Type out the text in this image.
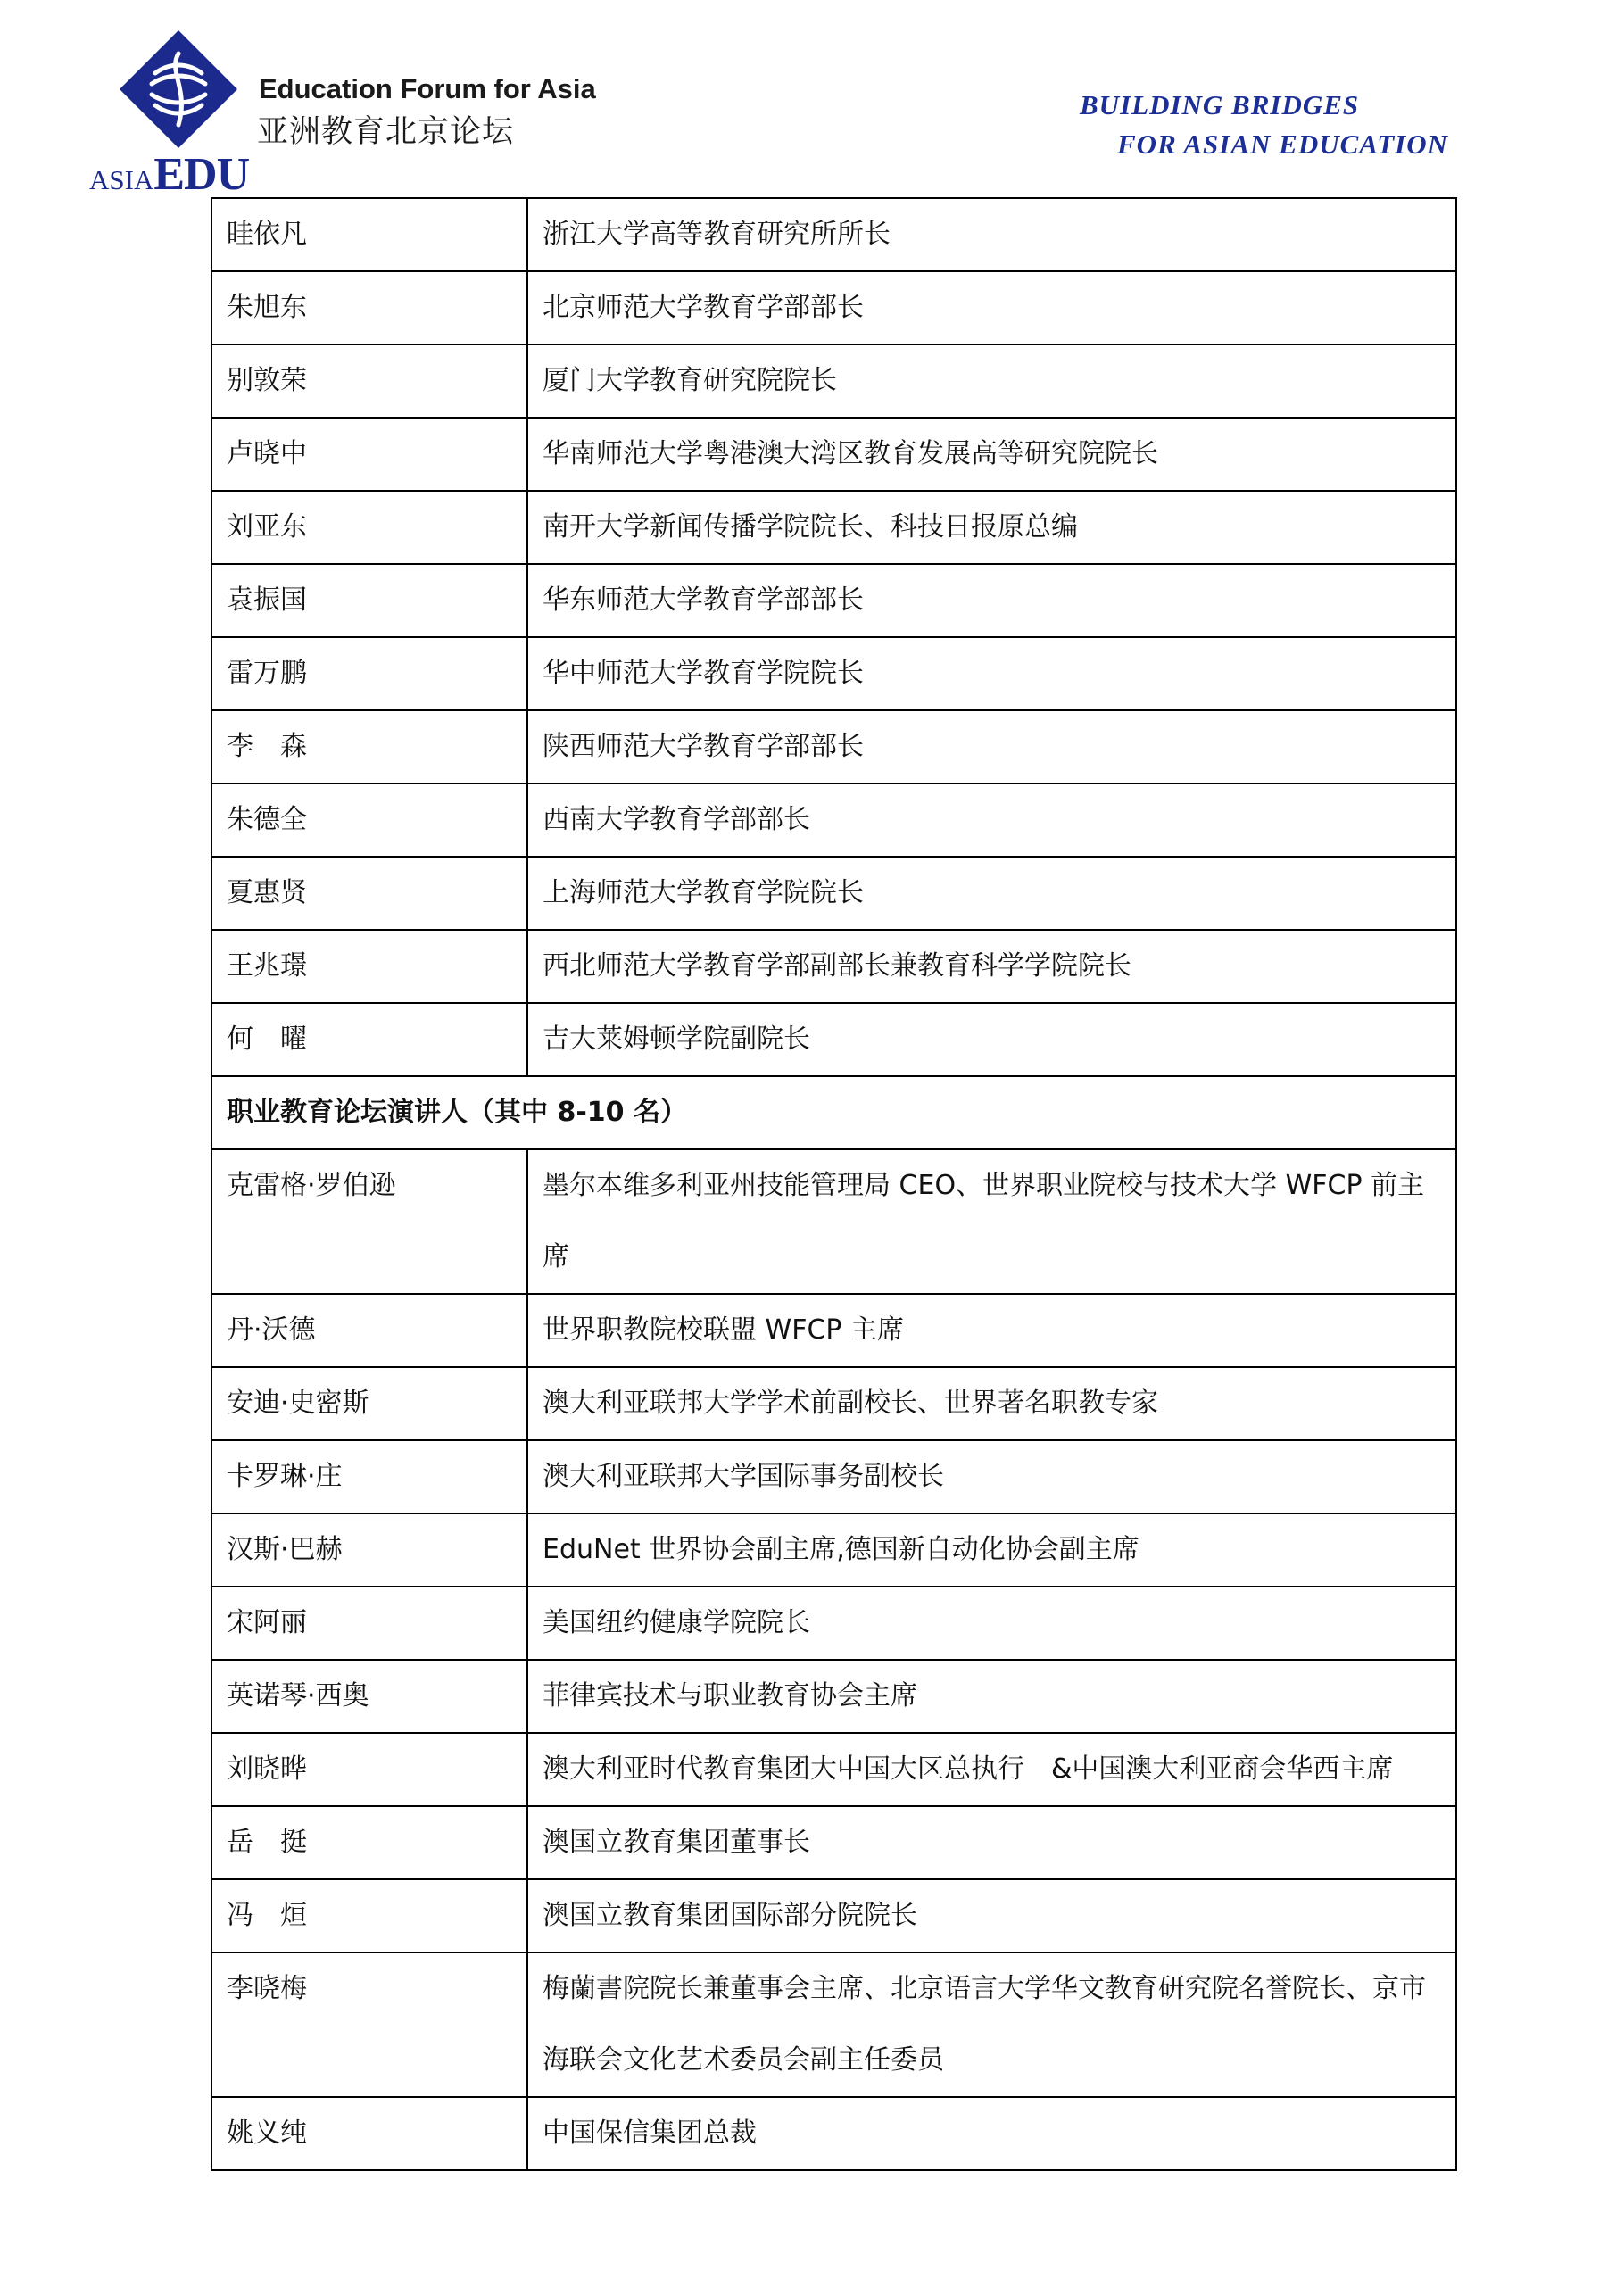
Education Forum for Asia
亚洲教育北京论坛
ASIAEDU
BUILDING BRIDGES
FOR ASIAN EDUCATION
眭依凡	浙江大学高等教育研究所所长
朱旭东	北京师范大学教育学部部长
别敦荣	厦门大学教育研究院院长
卢晓中	华南师范大学粤港澳大湾区教育发展高等研究院院长
刘亚东	南开大学新闻传播学院院长、科技日报原总编
袁振国	华东师范大学教育学部部长
雷万鹏	华中师范大学教育学院院长
李　森	陕西师范大学教育学部部长
朱德全	西南大学教育学部部长
夏惠贤	上海师范大学教育学院院长
王兆璟	西北师范大学教育学部副部长兼教育科学学院院长
何　曜	吉大莱姆顿学院副院长
职业教育论坛演讲人（其中 8-10 名）	
克雷格·罗伯逊	墨尔本维多利亚州技能管理局 CEO、世界职业院校与技术大学 WFCP 前主席
丹·沃德	世界职教院校联盟 WFCP 主席
安迪·史密斯	澳大利亚联邦大学学术前副校长、世界著名职教专家
卡罗琳·庄	澳大利亚联邦大学国际事务副校长
汉斯·巴赫	EduNet 世界协会副主席,德国新自动化协会副主席
宋阿丽	美国纽约健康学院院长
英诺琴·西奥	菲律宾技术与职业教育协会主席
刘晓晔	澳大利亚时代教育集团大中国大区总执行　&中国澳大利亚商会华西主席
岳　挺	澳国立教育集团董事长
冯　烜	澳国立教育集团国际部分院院长
李晓梅	梅蘭書院院长兼董事会主席、北京语言大学华文教育研究院名誉院长、京市海联会文化艺术委员会副主任委员
姚义纯	中国保信集团总裁
